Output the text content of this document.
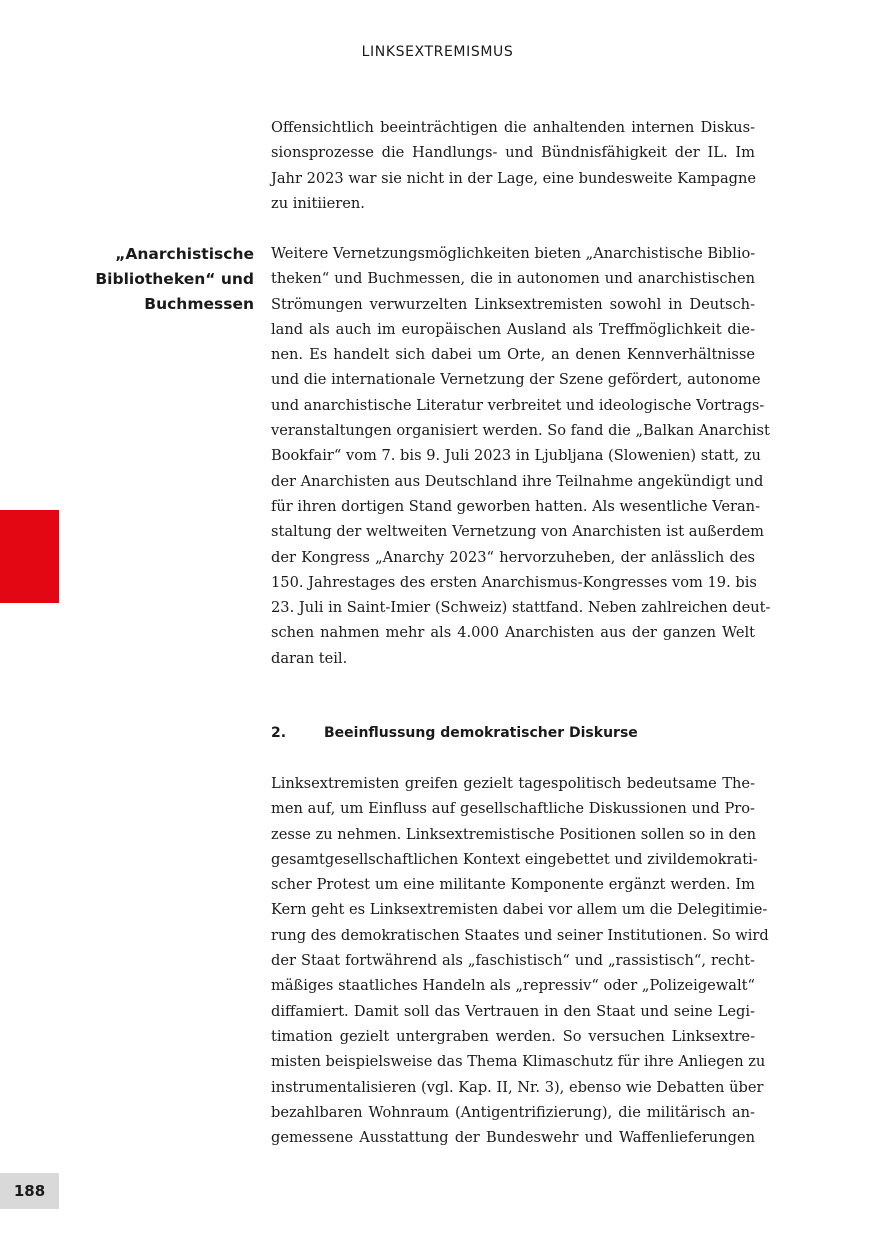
LINKSEXTREMISMUS
Offensichtlich beeinträchtigen die anhaltenden internen Diskus-
sionsprozesse die Handlungs- und Bündnisfähigkeit der IL. Im
Jahr 2023 war sie nicht in der Lage, eine bundesweite Kampagne
zu initiieren.
„Anarchistische
Bibliotheken“ und
Buchmessen
Weitere Vernetzungsmöglichkeiten bieten „Anarchistische Biblio-
theken“ und Buchmessen, die in autonomen und anarchistischen
Strömungen verwurzelten Linksextremisten sowohl in Deutsch-
land als auch im europäischen Ausland als Treffmöglichkeit die-
nen. Es handelt sich dabei um Orte, an denen Kennverhältnisse
und die internationale Vernetzung der Szene gefördert, autonome
und anarchistische Literatur verbreitet und ideologische Vortrags-
veranstaltungen organisiert werden. So fand die „Balkan Anarchist
Bookfair“ vom 7. bis 9. Juli 2023 in Ljubljana (Slowenien) statt, zu
der Anarchisten aus Deutschland ihre Teilnahme angekündigt und
für ihren dortigen Stand geworben hatten. Als wesentliche Veran-
staltung der weltweiten Vernetzung von Anarchisten ist außerdem
der Kongress „Anarchy 2023“ hervorzuheben, der anlässlich des
150. Jahrestages des ersten Anarchismus-Kongresses vom 19. bis
23. Juli in Saint-Imier (Schweiz) stattfand. Neben zahlreichen deut-
schen nahmen mehr als 4.000 Anarchisten aus der ganzen Welt
daran teil.
2.	Beeinflussung demokratischer Diskurse
Linksextremisten greifen gezielt tagespolitisch bedeutsame The-
men auf, um Einfluss auf gesellschaftliche Diskussionen und Pro-
zesse zu nehmen. Linksextremistische Positionen sollen so in den
gesamtgesellschaftlichen Kontext eingebettet und zivildemokrati-
scher Protest um eine militante Komponente ergänzt werden. Im
Kern geht es Linksextremisten dabei vor allem um die Delegitimie-
rung des demokratischen Staates und seiner Institutionen. So wird
der Staat fortwährend als „faschistisch“ und „rassistisch“, recht-
mäßiges staatliches Handeln als „repressiv“ oder „Polizeigewalt“
diffamiert. Damit soll das Vertrauen in den Staat und seine Legi-
timation gezielt untergraben werden. So versuchen Linksextre-
misten beispielsweise das Thema Klimaschutz für ihre Anliegen zu
instrumentalisieren (vgl. Kap. II, Nr. 3), ebenso wie Debatten über
bezahlbaren Wohnraum (Antigentrifizierung), die militärisch an-
gemessene Ausstattung der Bundeswehr und Waffenlieferungen
188
